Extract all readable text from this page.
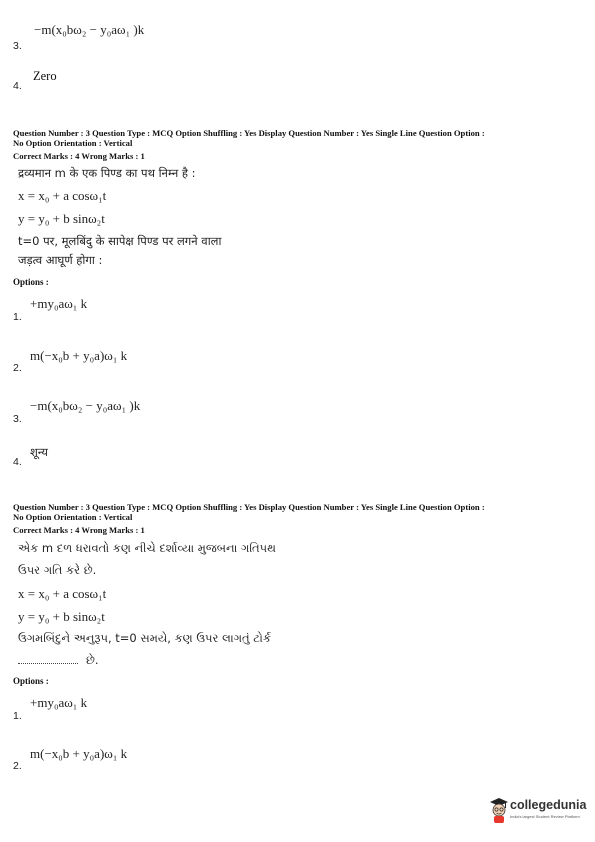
−m(x₀bω₂ − y₀aω₁ )k
3.
Zero
4.
Question Number : 3 Question Type : MCQ Option Shuffling : Yes Display Question Number : Yes Single Line Question Option :
No Option Orientation : Vertical
Correct Marks : 4 Wrong Marks : 1
द्रव्यमान m के एक पिण्ड का पथ निम्न है :
x = x₀ + a cosω₁t
y = y₀ + b sinω₂t
t=0 पर, मूलबिंदु के सापेक्ष पिण्ड पर लगने वाला
जड़त्व आघूर्ण होगा :
Options :
+my₀aω₁ k
1.
m(−x₀b + y₀a)ω₁ k
2.
−m(x₀bω₂ − y₀aω₁ )k
3.
शून्य
4.
Question Number : 3 Question Type : MCQ Option Shuffling : Yes Display Question Number : Yes Single Line Question Option :
No Option Orientation : Vertical
Correct Marks : 4 Wrong Marks : 1
એક m દળ ધરાવતો કણ નીચે દર્શાવ્યા મુજબના ગતિપથ
ઉપર ગતિ કરે છે.
x = x₀ + a cosω₁t
y = y₀ + b sinω₂t
ઉગમબિંદુને અનુરૂપ, t=0 સમયે, કણ ઉપર લાગતું ટોર્ક
છે.
Options :
+my₀aω₁ k
1.
m(−x₀b + y₀a)ω₁ k
2.
collegedunia
India's largest Student Review Platform
